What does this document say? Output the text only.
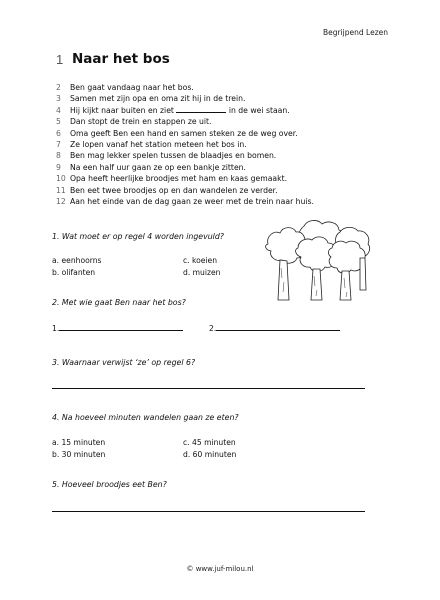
Begrijpend Lezen
1 Naar het bos
2 Ben gaat vandaag naar het bos.
3 Samen met zijn opa en oma zit hij in de trein.
4 Hij kijkt naar buiten en ziet	in de wei staan.
5 Dan stopt de trein en stappen ze uit.
6 Oma geeft Ben een hand en samen steken ze de weg over.
7 Ze lopen vanaf het station meteen het bos in.
8 Ben mag lekker spelen tussen de blaadjes en bomen.
9 Na een half uur gaan ze op een bankje zitten.
10 Opa heeft heerlijke broodjes met ham en kaas gemaakt.
11 Ben eet twee broodjes op en dan wandelen ze verder.
12 Aan het einde van de dag gaan ze weer met de trein naar huis.
1. Wat moet er op regel 4 worden ingevuld?
a. eenhoorns
b. olifanten
c. koeien
d. muizen
2. Met wie gaat Ben naar het bos?
1.	2.
3. Waarnaar verwijst ‘ze’ op regel 6?
4. Na hoeveel minuten wandelen gaan ze eten?
a. 15 minuten
b. 30 minuten
c. 45 minuten
d. 60 minuten
5. Hoeveel broodjes eet Ben?
© www.juf-milou.nl
